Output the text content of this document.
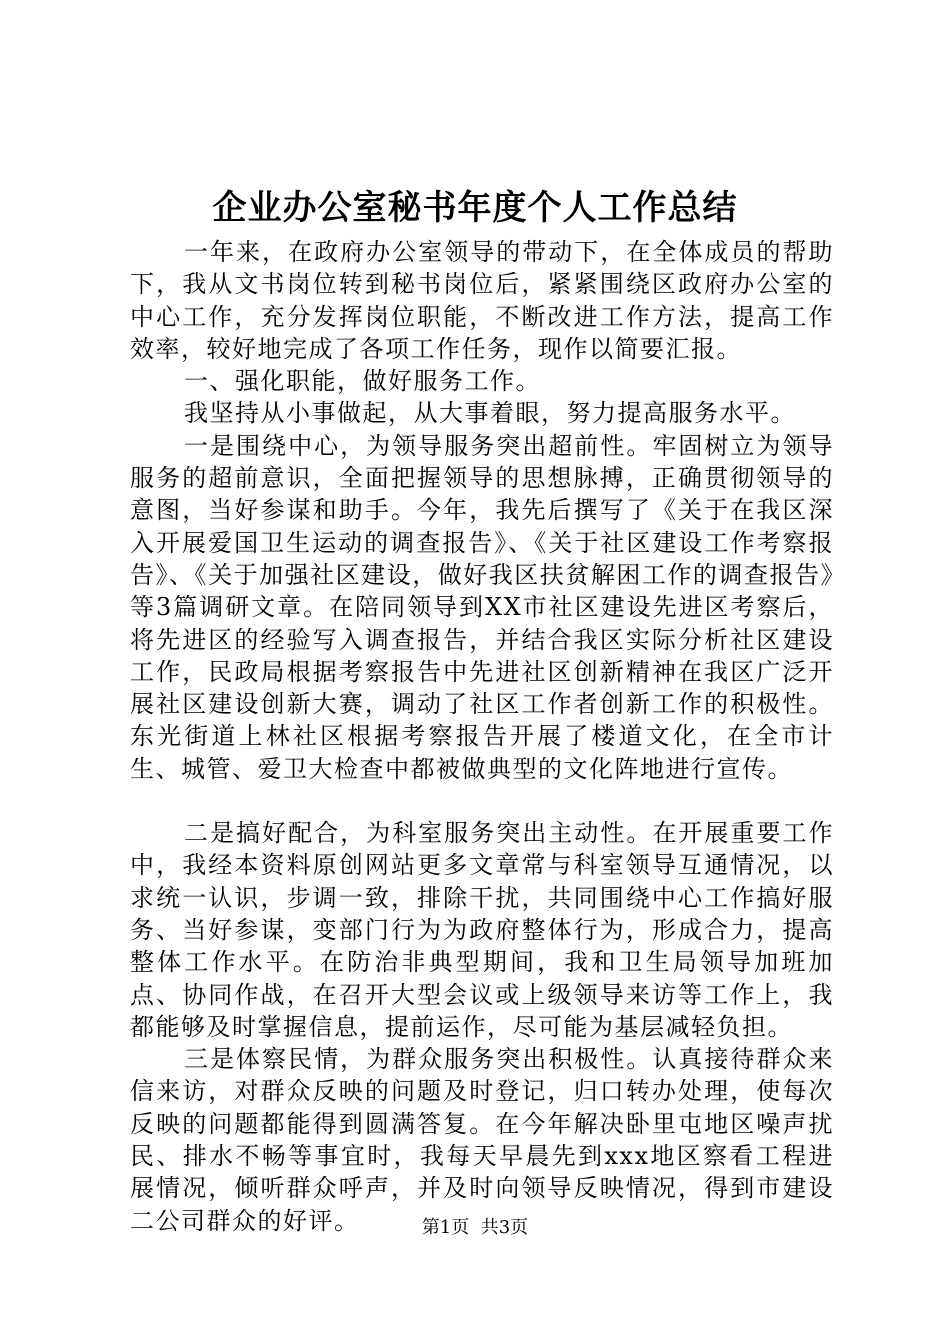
企业办公室秘书年度个人工作总结

一年来，在政府办公室领导的带动下，在全体成员的帮助下，我从文书岗位转到秘书岗位后，紧紧围绕区政府办公室的中心工作，充分发挥岗位职能，不断改进工作方法，提高工作效率，较好地完成了各项工作任务，现作以简要汇报。

一、强化职能，做好服务工作。

我坚持从小事做起，从大事着眼，努力提高服务水平。

一是围绕中心，为领导服务突出超前性。牢固树立为领导服务的超前意识，全面把握领导的思想脉搏，正确贯彻领导的意图，当好参谋和助手。今年，我先后撰写了《关于在我区深入开展爱国卫生运动的调查报告》、《关于社区建设工作考察报告》、《关于加强社区建设，做好我区扶贫解困工作的调查报告》等3篇调研文章。在陪同领导到XX市社区建设先进区考察后，将先进区的经验写入调查报告，并结合我区实际分析社区建设工作，民政局根据考察报告中先进社区创新精神在我区广泛开展社区建设创新大赛，调动了社区工作者创新工作的积极性。东光街道上林社区根据考察报告开展了楼道文化，在全市计生、城管、爱卫大检查中都被做典型的文化阵地进行宣传。

二是搞好配合，为科室服务突出主动性。在开展重要工作中，我经本资料原创网站更多文章常与科室领导互通情况，以求统一认识，步调一致，排除干扰，共同围绕中心工作搞好服务、当好参谋，变部门行为为政府整体行为，形成合力，提高整体工作水平。在防治非典型期间，我和卫生局领导加班加点、协同作战，在召开大型会议或上级领导来访等工作上，我都能够及时掌握信息，提前运作，尽可能为基层减轻负担。

三是体察民情，为群众服务突出积极性。认真接待群众来信来访，对群众反映的问题及时登记，归口转办处理，使每次反映的问题都能得到圆满答复。在今年解决卧里屯地区噪声扰民、排水不畅等事宜时，我每天早晨先到xxx地区察看工程进展情况，倾听群众呼声，并及时向领导反映情况，得到市建设二公司群众的好评。	第1页 共3页
